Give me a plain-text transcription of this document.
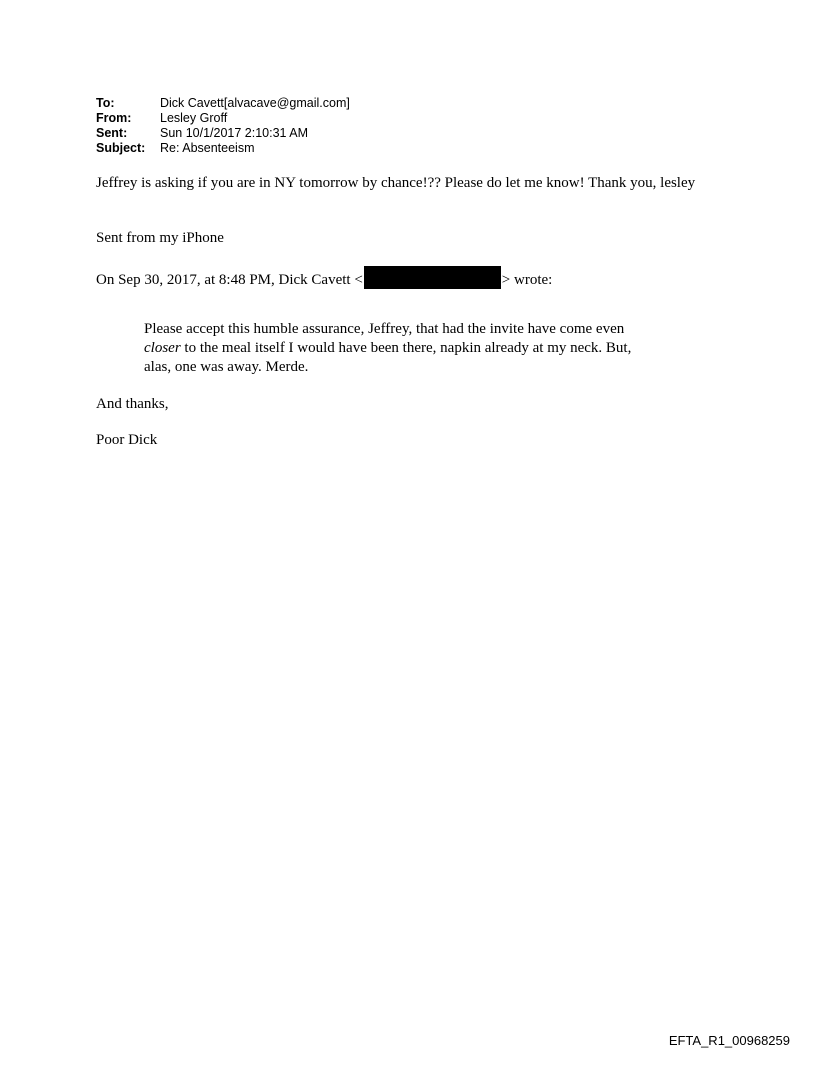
To:	Dick Cavett[alvacave@gmail.com]
From:	Lesley Groff
Sent:	Sun 10/1/2017 2:10:31 AM
Subject:	Re: Absenteeism

Jeffrey is asking if you are in NY tomorrow by chance!?? Please do let me know! Thank you, lesley

Sent from my iPhone

On Sep 30, 2017, at 8:48 PM, Dick Cavett <	> wrote:

Please accept this humble assurance, Jeffrey, that had the invite have come even
closer to the meal itself I would have been there, napkin already at my neck. But,
alas, one was away. Merde.

And thanks,

Poor Dick

EFTA_R1_00968259
